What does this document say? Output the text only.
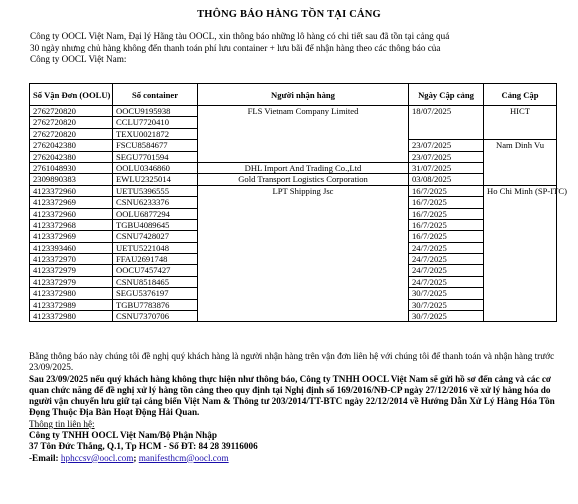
THÔNG BÁO HÀNG TỒN TẠI CẢNG

Công ty OOCL Việt Nam, Đại lý Hãng tàu OOCL, xin thông báo những lô hàng có chi tiết sau đã tồn tại cảng quá

30 ngày nhưng chủ hàng không đến thanh toán phí lưu container + lưu bãi để nhận hàng theo các thông báo của

Công ty OOCL Việt Nam:

Số Vận Đơn (OOLU)	Số container	Người nhận hàng	Ngày Cập cảng	Cảng Cập
2762720820	OOCU9195938	FLS Vietnam Company Limited	18/07/2025	HICT
2762720820	CCLU7720410			
2762720820	TEXU0021872			
2762042380	FSCU8584677		23/07/2025	Nam Dinh Vu
2762042380	SEGU7701594		23/07/2025	
2761048930	OOLU0346860	DHL Import And Trading Co.,Ltd	31/07/2025	
2309890383	EWLU2325014	Gold Transport Logistics Corporation	03/08/2025	
4123372960	UETU5396555	LPT Shipping Jsc	16/7/2025	Ho Chi Minh (SP-ITC)
4123372969	CSNU6233376		16/7/2025	
4123372960	OOLU6877294		16/7/2025	
4123372968	TGBU4089645		16/7/2025	
4123372969	CSNU7428027		16/7/2025	
4123393460	UETU5221048		24/7/2025	
4123372970	FFAU2691748		24/7/2025	
4123372979	OOCU7457427		24/7/2025	
4123372979	CSNU8518465		24/7/2025	
4123372980	SEGU5376197		30/7/2025	
4123372989	TGBU7783876		30/7/2025	
4123372980	CSNU7370706		30/7/2025	

Bằng thông báo này chúng tôi đề nghị quý khách hàng là người nhận hàng trên vận đơn liên hệ với chúng tôi để thanh toán và nhận hàng trước 23/09/2025.

Sau 23/09/2025 nếu quý khách hàng không thực hiện như thông báo, Công ty TNHH OOCL Việt Nam sẽ gửi hồ sơ đến cảng và các cơ quan chức năng để đề nghị xử lý hàng tồn cảng theo quy định tại Nghị định số 169/2016/NĐ-CP ngày 27/12/2016 về xử lý hàng hóa do người vận chuyển lưu giữ tại cảng biển Việt Nam & Thông tư 203/2014/TT-BTC ngày 22/12/2014 về Hướng Dẫn Xử Lý Hàng Hóa Tồn Đọng Thuộc Địa Bàn Hoạt Động Hải Quan.

Thông tin liên hệ:

Công ty TNHH OOCL Việt Nam/Bộ Phận Nhập

37 Tôn Đức Thắng, Q.1, Tp HCM - Số ĐT: 84 28 39116006

-Email: hphccsv@oocl.com; manifesthcm@oocl.com
